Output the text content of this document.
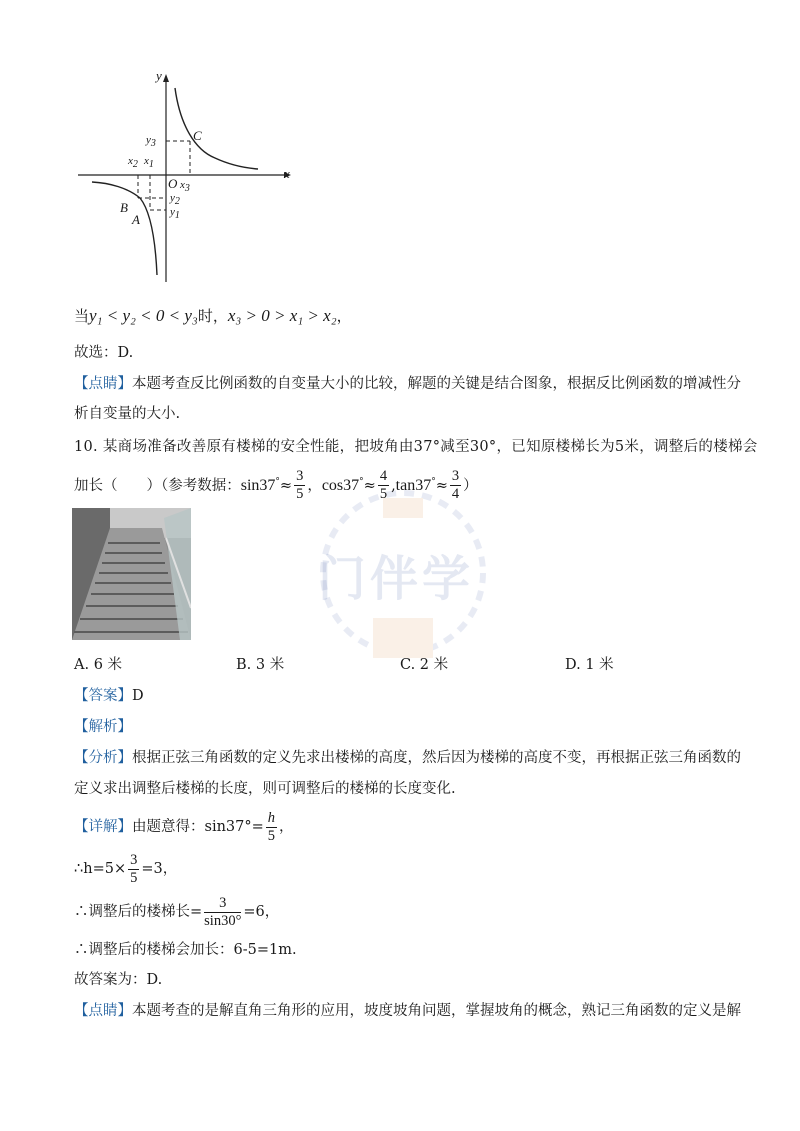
y
x
O
C
B
A
$y_3$
$x_2$ $x_1$
$x_3$
$y_2$
$y_1$
门伴学
当y₁ < y₂ < 0 < y₃时，x₃ > 0 > x₁ > x₂，
故选：D.
【点睛】本题考查反比例函数的自变量大小的比较，解题的关键是结合图象，根据反比例函数的增减性分
析自变量的大小.
10. 某商场准备改善原有楼梯的安全性能，把坡角由37°减至30°，已知原楼梯长为5米，调整后的楼梯会
加长（　　）（参考数据：$\sin 37^\circ\approx \frac{3}{5}$ ，$\cos 37^\circ\approx \frac{4}{5} ,\tan 37^\circ\approx \frac{3}{4}$ ）
A. 6 米	B. 3 米	C. 2 米	D. 1 米
【答案】D
【解析】
【分析】根据正弦三角函数的定义先求出楼梯的高度，然后因为楼梯的高度不变，再根据正弦三角函数的
定义求出调整后楼梯的长度，则可调整后的楼梯的长度变化.
【详解】由题意得：$\sin 37^\circ= \frac{h}{5}$ ，
∴h=5× $\frac{3}{5} =3$，
∴调整后的楼梯长= $\frac{3}{\sin 30^\circ} =6$，
∴调整后的楼梯会加长：6-5=1m.
故答案为：D.
【点睛】本题考查的是解直角三角形的应用，坡度坡角问题，掌握坡角的概念，熟记三角函数的定义是解
